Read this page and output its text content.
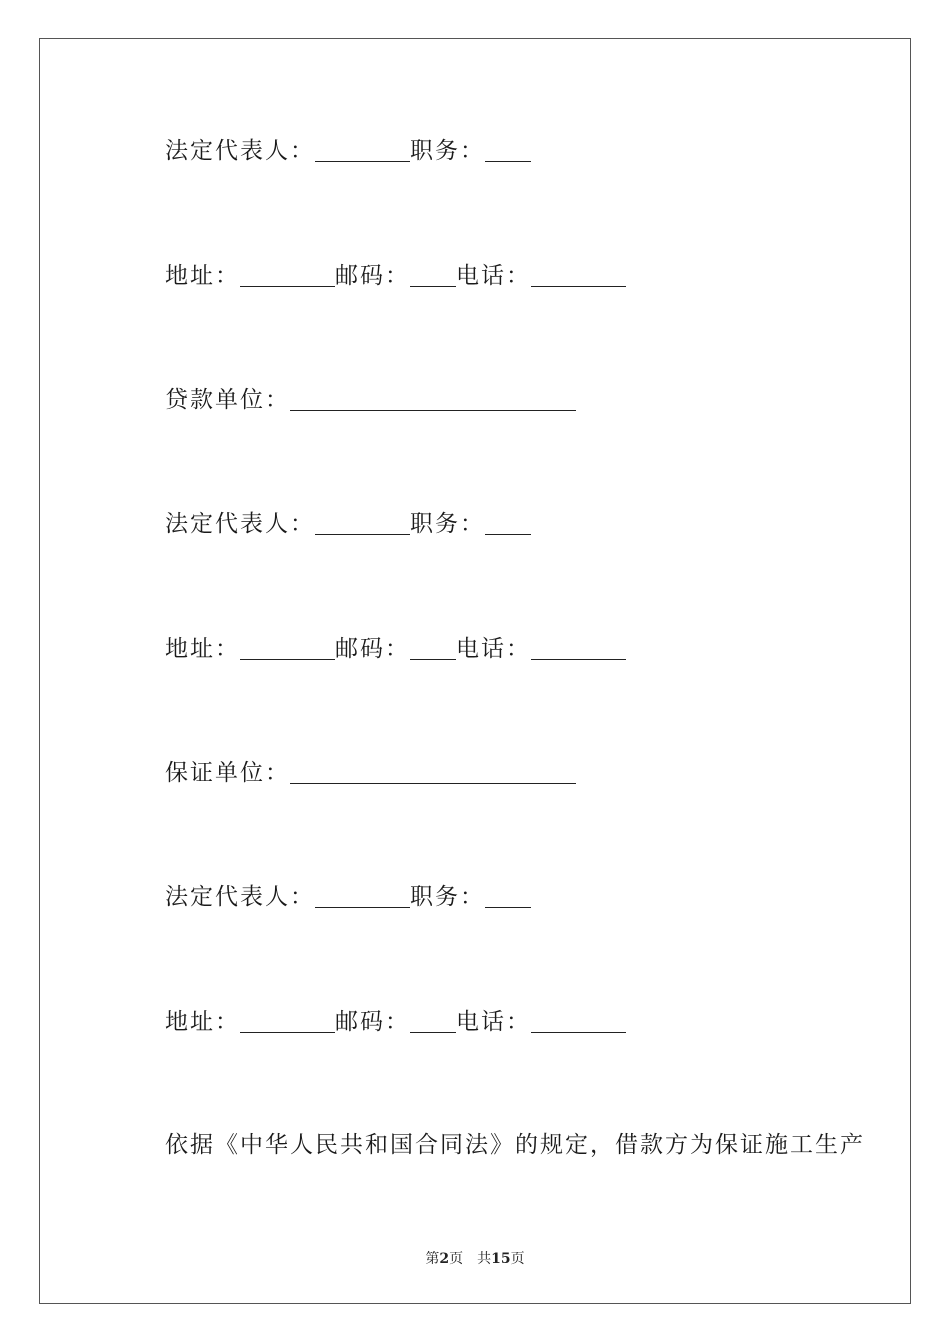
法定代表人：	职务：
地址：	邮码： 电话：
贷款单位：
法定代表人：	职务：
地址：	邮码： 电话：
保证单位：
法定代表人：	职务：
地址：	邮码： 电话：
依据《中华人民共和国合同法》的规定，借款方为保证施工生产
第2页 共15页
